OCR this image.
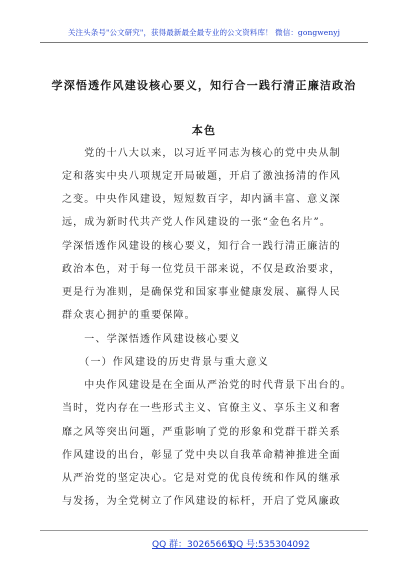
关注头条号"公文研究"，获得最新最全最专业的公文资料库！ 微信：gongwenyj
学深悟透作风建设核心要义，知行合一践行清正廉洁政治
本色
　　党的十八大以来，以习近平同志为核心的党中央从制
定和落实中央八项规定开局破题，开启了激浊扬清的作风
之变。中央作风建设，短短数百字，却内涵丰富、意义深
远，成为新时代共产党人作风建设的一张“金色名片”。
学深悟透作风建设的核心要义，知行合一践行清正廉洁的
政治本色，对于每一位党员干部来说，不仅是政治要求，
更是行为准则，是确保党和国家事业健康发展、赢得人民
群众衷心拥护的重要保障。
　　一、学深悟透作风建设核心要义
　　（一）作风建设的历史背景与重大意义
　　中央作风建设是在全面从严治党的时代背景下出台的。
当时，党内存在一些形式主义、官僚主义、享乐主义和奢
靡之风等突出问题，严重影响了党的形象和党群干群关系
作风建设的出台，彰显了党中央以自我革命精神推进全面
从严治党的坚定决心。它是对党的优良传统和作风的继承
与发扬，为全党树立了作风建设的标杆，开启了党风廉政
QQ 群：30265665
QQ 号:535304092
